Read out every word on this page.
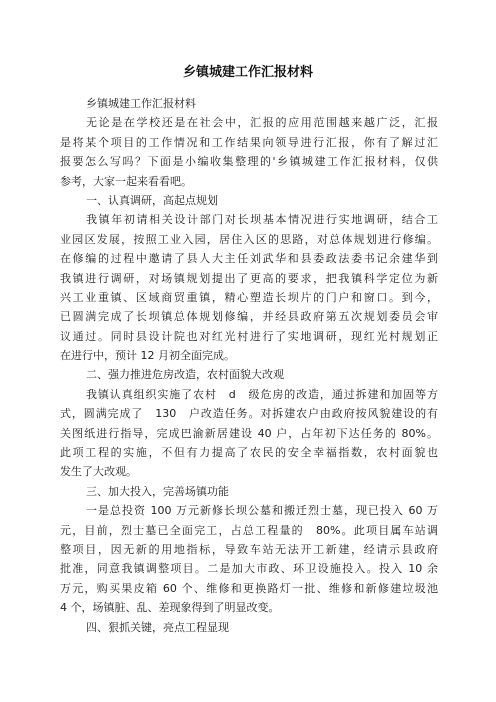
乡镇城建工作汇报材料
乡镇城建工作汇报材料
无论是在学校还是在社会中，汇报的应用范围越来越广泛，汇报
是将某个项目的工作情况和工作结果向领导进行汇报，你有了解过汇
报要怎么写吗？下面是小编收集整理的'乡镇城建工作汇报材料，仅供
参考，大家一起来看看吧。
一、认真调研，高起点规划
我镇年初请相关设计部门对长坝基本情况进行实地调研，结合工
业园区发展，按照工业入园，居住入区的思路，对总体规划进行修编。
在修编的过程中邀请了县人大主任刘武华和县委政法委书记余建华到
我镇进行调研，对场镇规划提出了更高的要求，把我镇科学定位为新
兴工业重镇、区域商贸重镇，精心塑造长坝片的门户和窗口。到今，
已圆满完成了长坝镇总体规划修编，并经县政府第五次规划委员会审
议通过。同时县设计院也对红光村进行了实地调研，现红光村规划正
在进行中，预计 12 月初全面完成。
二、强力推进危房改造，农村面貌大改观
我镇认真组织实施了农村　d　级危房的改造，通过拆建和加固等方
式，圆满完成了　130　户改造任务。对拆建农户由政府按风貌建设的有
关图纸进行指导，完成巴渝新居建设 40 户，占年初下达任务的 80%。
此项工程的实施，不但有力提高了农民的安全幸福指数，农村面貌也
发生了大改观。
三、加大投入，完善场镇功能
一是总投资 100 万元新修长坝公墓和搬迁烈士墓，现已投入 60 万
元，目前，烈士墓已全面完工，占总工程量的　80%。此项目属车站调
整项目，因无新的用地指标，导致车站无法开工新建，经请示县政府
批准，同意我镇调整项目。二是加大市政、环卫设施投入。投入 10 余
万元，购买果皮箱 60 个、维修和更换路灯一批、维修和新修建垃圾池
4 个，场镇脏、乱、差现象得到了明显改变。
四、狠抓关键，亮点工程显现
